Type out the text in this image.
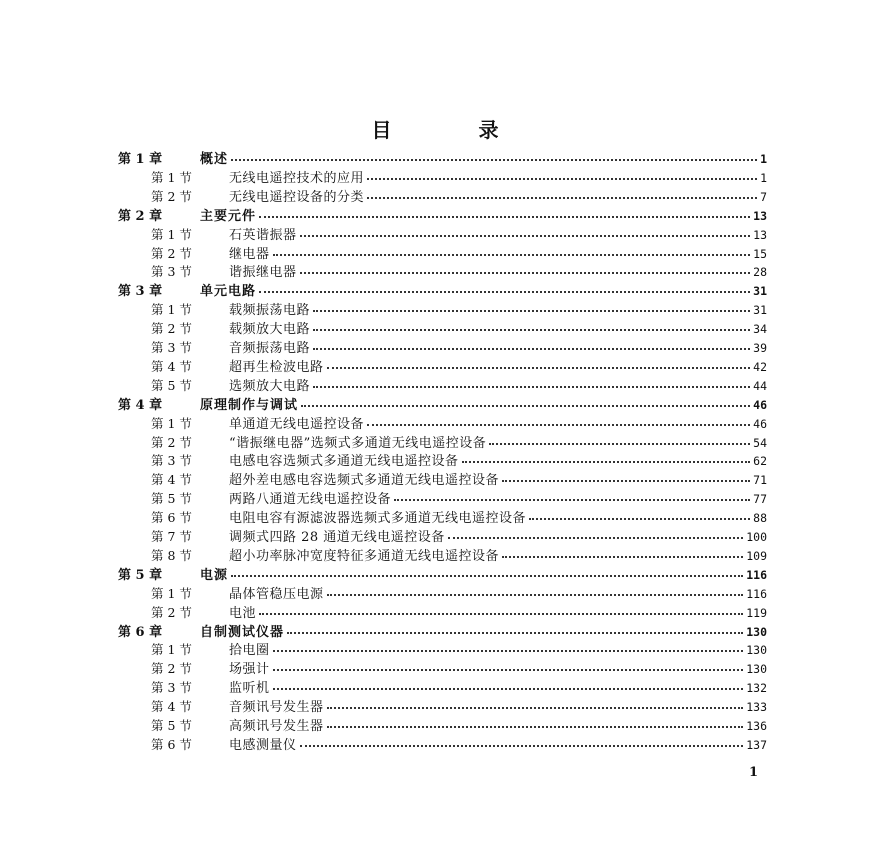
目 录
第 1 章	概述	1
第 1 节	无线电遥控技术的应用	1
第 2 节	无线电遥控设备的分类	7
第 2 章	主要元件	13
第 1 节	石英谐振器	13
第 2 节	继电器	15
第 3 节	谐振继电器	28
第 3 章	单元电路	31
第 1 节	载频振荡电路	31
第 2 节	载频放大电路	34
第 3 节	音频振荡电路	39
第 4 节	超再生检波电路	42
第 5 节	选频放大电路	44
第 4 章	原理制作与调试	46
第 1 节	单通道无线电遥控设备	46
第 2 节	“谐振继电器”选频式多通道无线电遥控设备	54
第 3 节	电感电容选频式多通道无线电遥控设备	62
第 4 节	超外差电感电容选频式多通道无线电遥控设备	71
第 5 节	两路八通道无线电遥控设备	77
第 6 节	电阻电容有源滤波器选频式多通道无线电遥控设备	88
第 7 节	调频式四路 28 通道无线电遥控设备	100
第 8 节	超小功率脉冲宽度特征多通道无线电遥控设备	109
第 5 章	电源	116
第 1 节	晶体管稳压电源	116
第 2 节	电池	119
第 6 章	自制测试仪器	130
第 1 节	拾电圈	130
第 2 节	场强计	130
第 3 节	监听机	132
第 4 节	音频讯号发生器	133
第 5 节	高频讯号发生器	136
第 6 节	电感测量仪	137
1
